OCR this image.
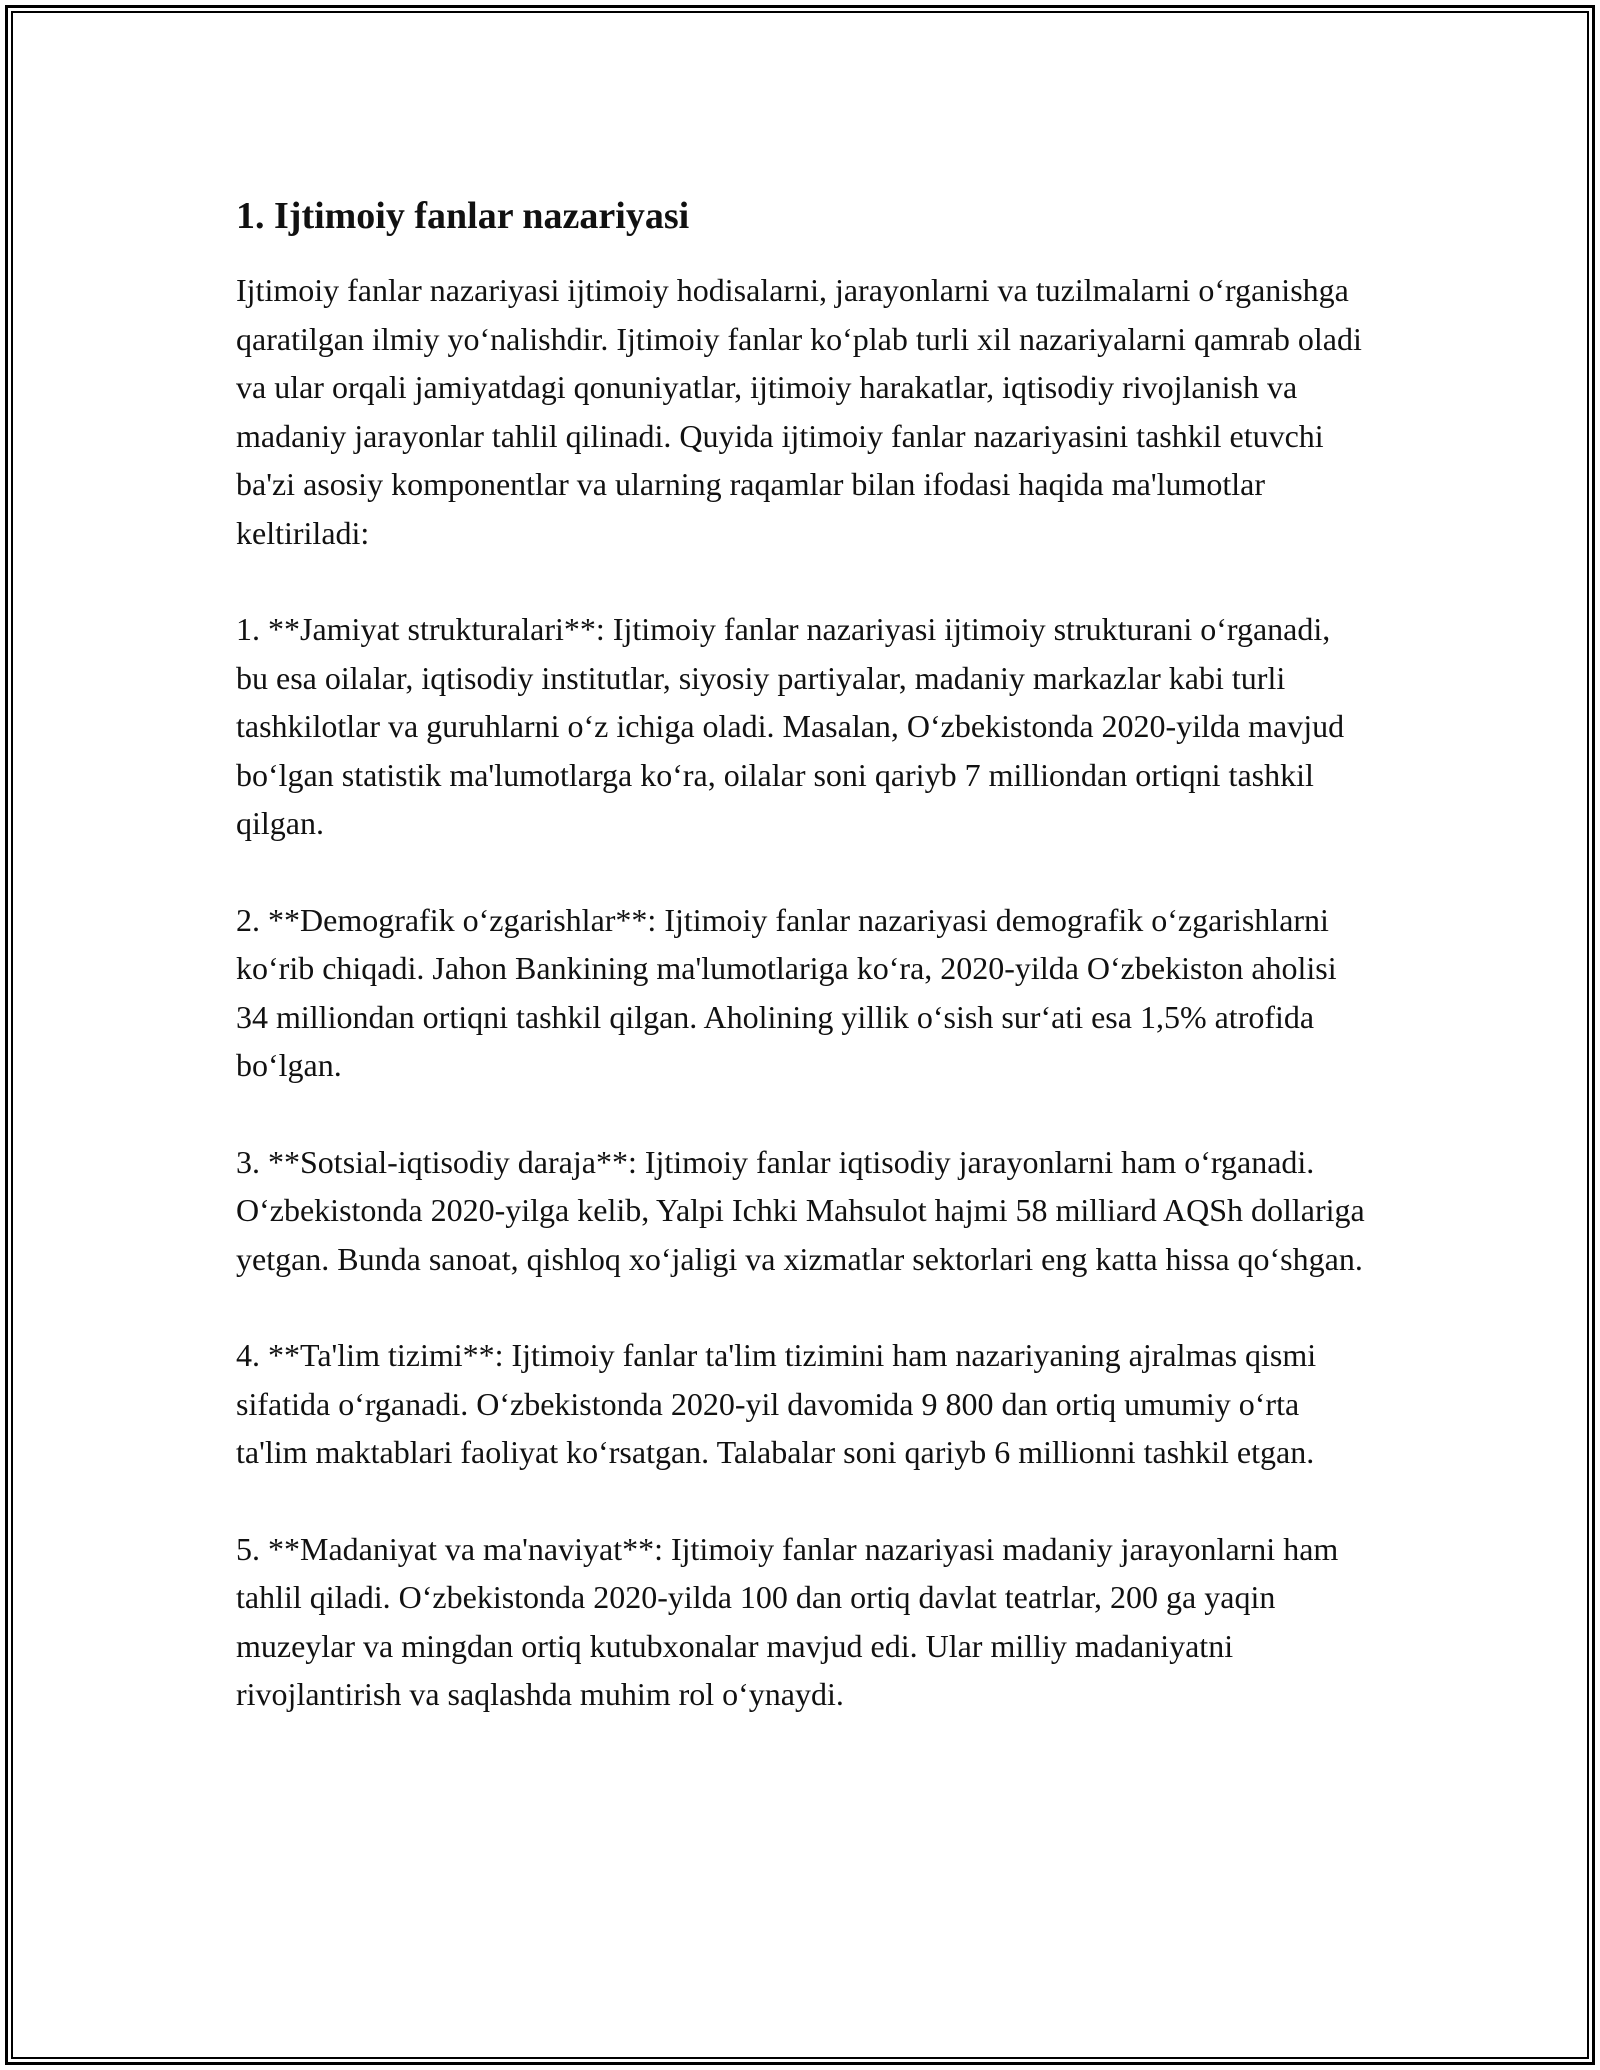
1. Ijtimoiy fanlar nazariyasi

Ijtimoiy fanlar nazariyasi ijtimoiy hodisalarni, jarayonlarni va tuzilmalarni o‘rganishga qaratilgan ilmiy yo‘nalishdir. Ijtimoiy fanlar ko‘plab turli xil nazariyalarni qamrab oladi va ular orqali jamiyatdagi qonuniyatlar, ijtimoiy harakatlar, iqtisodiy rivojlanish va madaniy jarayonlar tahlil qilinadi. Quyida ijtimoiy fanlar nazariyasini tashkil etuvchi ba'zi asosiy komponentlar va ularning raqamlar bilan ifodasi haqida ma'lumotlar keltiriladi:

1. **Jamiyat strukturalari**: Ijtimoiy fanlar nazariyasi ijtimoiy strukturani o‘rganadi, bu esa oilalar, iqtisodiy institutlar, siyosiy partiyalar, madaniy markazlar kabi turli tashkilotlar va guruhlarni o‘z ichiga oladi. Masalan, O‘zbekistonda 2020-yilda mavjud bo‘lgan statistik ma'lumotlarga ko‘ra, oilalar soni qariyb 7 milliondan ortiqni tashkil qilgan.

2. **Demografik o‘zgarishlar**: Ijtimoiy fanlar nazariyasi demografik o‘zgarishlarni ko‘rib chiqadi. Jahon Bankining ma'lumotlariga ko‘ra, 2020-yilda O‘zbekiston aholisi 34 milliondan ortiqni tashkil qilgan. Aholining yillik o‘sish sur‘ati esa 1,5% atrofida bo‘lgan.

3. **Sotsial-iqtisodiy daraja**: Ijtimoiy fanlar iqtisodiy jarayonlarni ham o‘rganadi. O‘zbekistonda 2020-yilga kelib, Yalpi Ichki Mahsulot hajmi 58 milliard AQSh dollariga yetgan. Bunda sanoat, qishloq xo‘jaligi va xizmatlar sektorlari eng katta hissa qo‘shgan.

4. **Ta'lim tizimi**: Ijtimoiy fanlar ta'lim tizimini ham nazariyaning ajralmas qismi sifatida o‘rganadi. O‘zbekistonda 2020-yil davomida 9 800 dan ortiq umumiy o‘rta ta'lim maktablari faoliyat ko‘rsatgan. Talabalar soni qariyb 6 millionni tashkil etgan.

5. **Madaniyat va ma'naviyat**: Ijtimoiy fanlar nazariyasi madaniy jarayonlarni ham tahlil qiladi. O‘zbekistonda 2020-yilda 100 dan ortiq davlat teatrlar, 200 ga yaqin muzeylar va mingdan ortiq kutubxonalar mavjud edi. Ular milliy madaniyatni rivojlantirish va saqlashda muhim rol o‘ynaydi.
